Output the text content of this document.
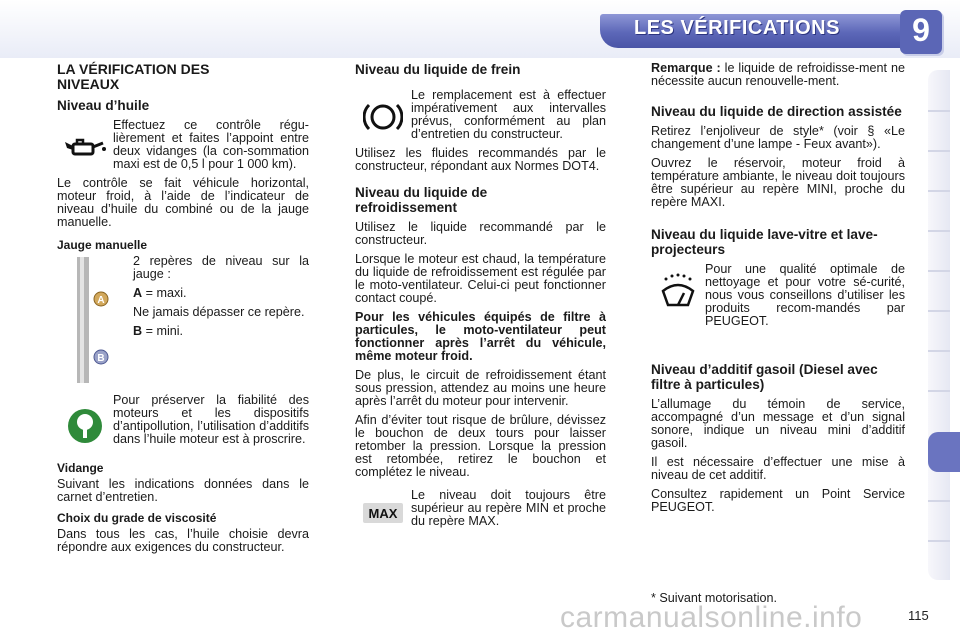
LES VÉRIFICATIONS	9
LA VÉRIFICATION DES NIVEAUX
Niveau d’huile

Effectuez ce contrôle régu-lièrement et faites l’appoint entre deux vidanges (la con-sommation maxi est de 0,5 l pour 1 000 km).

Le contrôle se fait véhicule horizontal, moteur froid, à l’aide de l’indicateur de niveau d’huile du combiné ou de la jauge manuelle.

Jauge manuelle
A
B

2 repères de niveau sur la jauge :

A = maxi.

Ne jamais dépasser ce repère.

B = mini.

Pour préserver la fiabilité des moteurs et les dispositifs d’antipollution, l’utilisation d’additifs dans l’huile moteur est à proscrire.

Vidange

Suivant les indications données dans le carnet d’entretien.

Choix du grade de viscosité

Dans tous les cas, l’huile choisie devra répondre aux exigences du constructeur.

Niveau du liquide de frein

Le remplacement est à effectuer impérativement aux intervalles prévus, conformément au plan d’entretien du constructeur.

Utilisez les fluides recommandés par le constructeur, répondant aux Normes DOT4.

Niveau du liquide de refroidissement

Utilisez le liquide recommandé par le constructeur.

Lorsque le moteur est chaud, la température du liquide de refroidissement est régulée par le moto-ventilateur. Celui-ci peut fonctionner contact coupé.

Pour les véhicules équipés de filtre à particules, le moto-ventilateur peut fonctionner après l’arrêt du véhicule, même moteur froid.

De plus, le circuit de refroidissement étant sous pression, attendez au moins une heure après l’arrêt du moteur pour intervenir.

Afin d’éviter tout risque de brûlure, dévissez le bouchon de deux tours pour laisser retomber la pression. Lorsque la pression est retombée, retirez le bouchon et complétez le niveau.

MAX

Le niveau doit toujours être supérieur au repère MIN et proche du repère MAX.

Remarque : le liquide de refroidisse-ment ne nécessite aucun renouvelle-ment.

Niveau du liquide de direction assistée

Retirez l’enjoliveur de style* (voir § «Le changement d’une lampe - Feux avant»).

Ouvrez le réservoir, moteur froid à température ambiante, le niveau doit toujours être supérieur au repère MINI, proche du repère MAXI.

Niveau du liquide lave-vitre et lave-projecteurs

Pour une qualité optimale de nettoyage et pour votre sé-curité, nous vous conseillons d’utiliser les produits recom-mandés par PEUGEOT.

Niveau d’additif gasoil (Diesel avec filtre à particules)

L’allumage du témoin de service, accompagné d’un message et d’un signal sonore, indique un niveau mini d’additif gasoil.

Il est nécessaire d’effectuer une mise à niveau de cet additif.

Consultez rapidement un Point Service PEUGEOT.

* Suivant motorisation.

carmanualsonline.info	115
